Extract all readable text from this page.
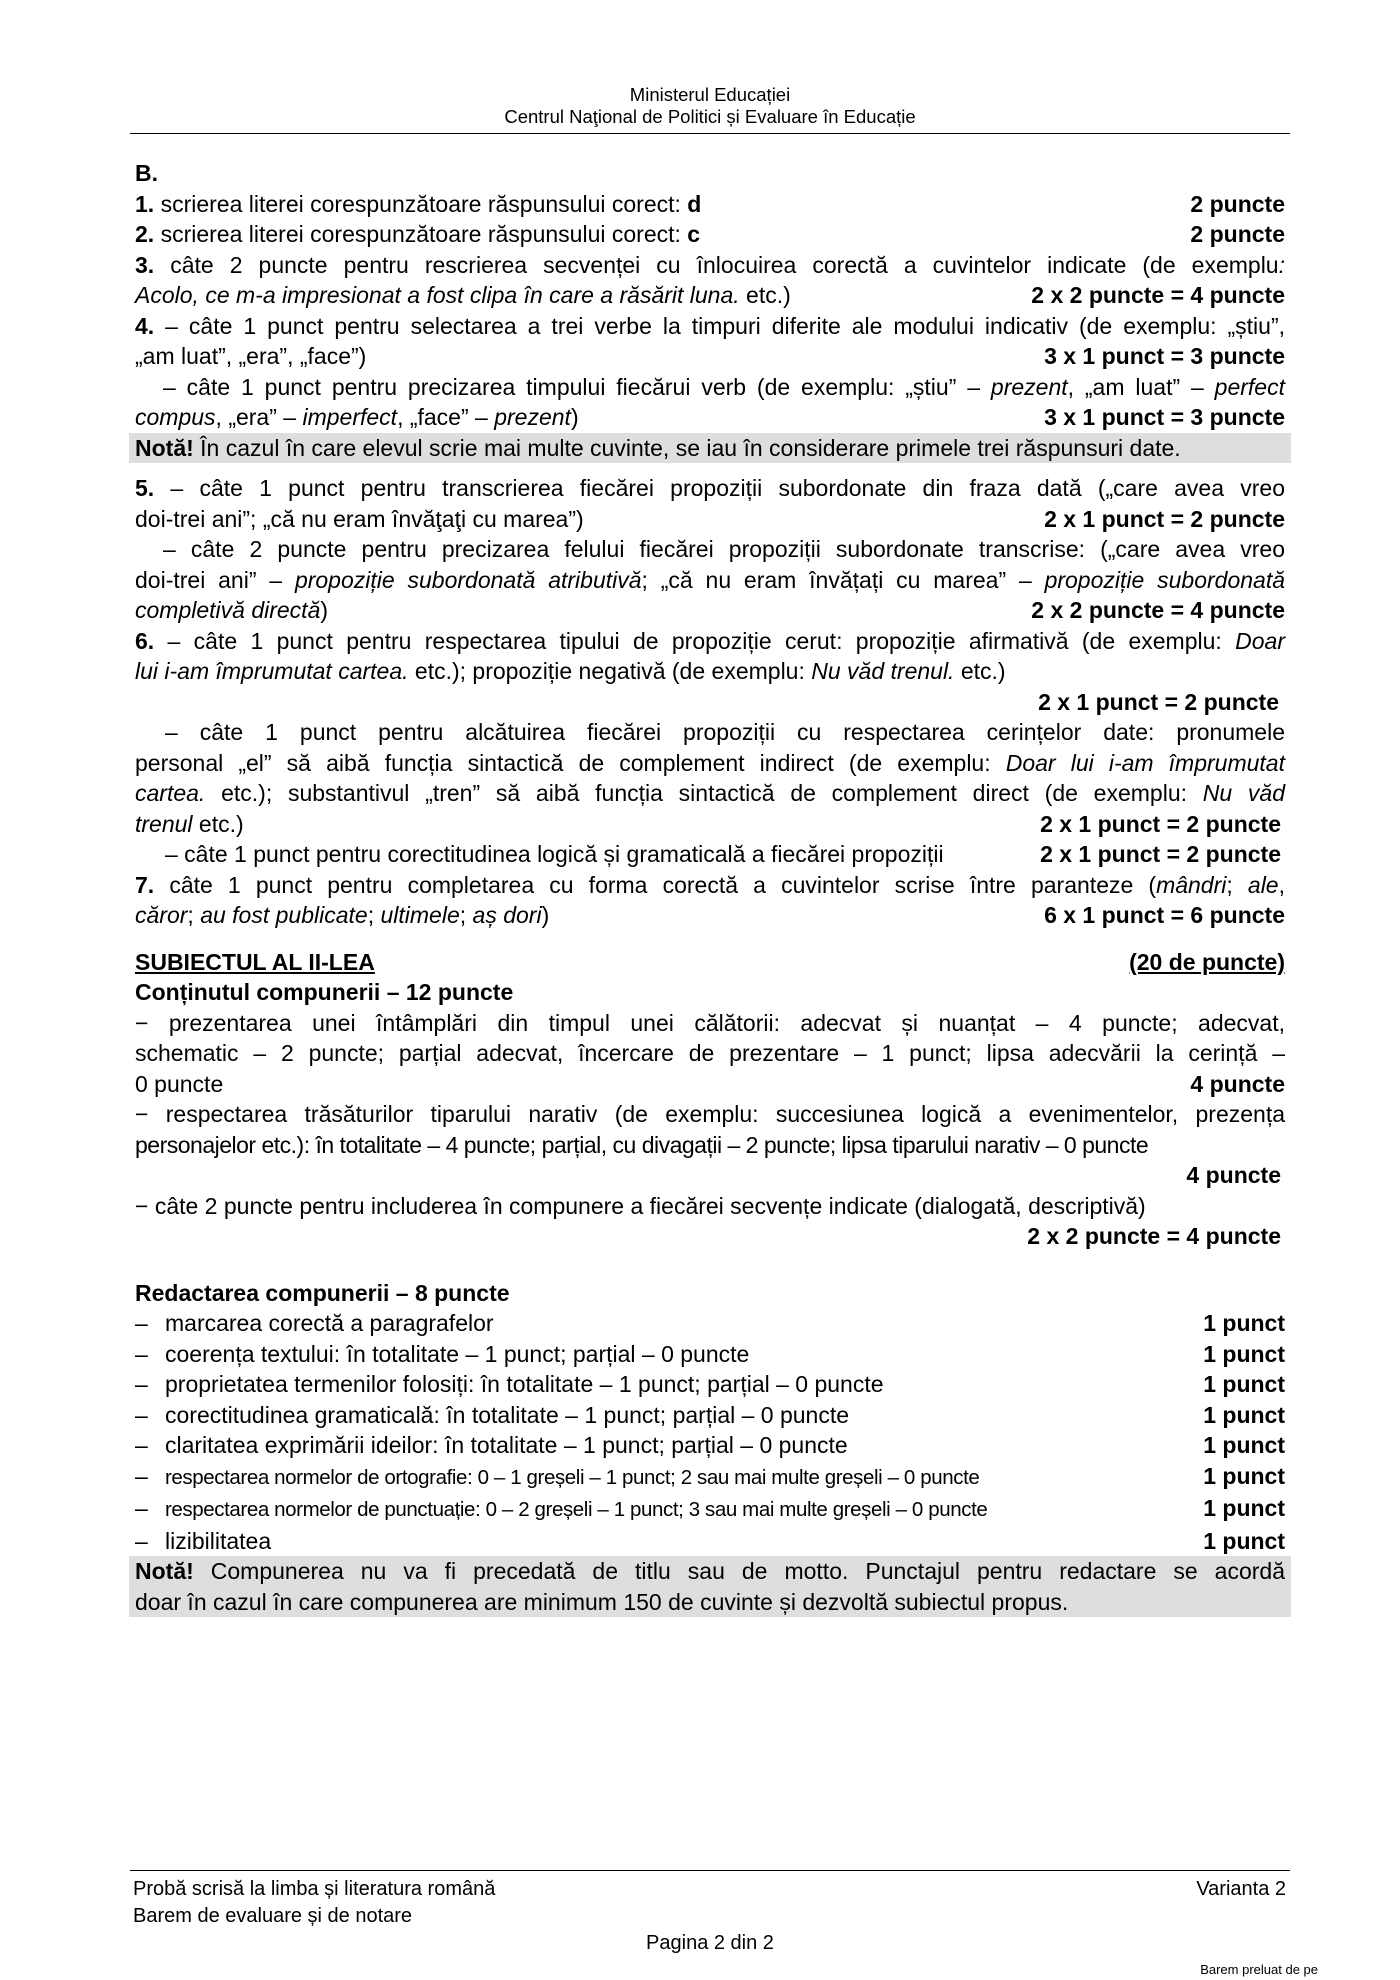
Ministerul Educației
Centrul Naţional de Politici și Evaluare în Educație
B.
1. scrierea literei corespunzătoare răspunsului corect: d	2 puncte
2. scrierea literei corespunzătoare răspunsului corect: c	2 puncte
3. câte 2 puncte pentru rescrierea secvenței cu înlocuirea corectă a cuvintelor indicate (de exemplu:
Acolo, ce m-a impresionat a fost clipa în care a răsărit luna. etc.)	2 x 2 puncte = 4 puncte
4. – câte 1 punct pentru selectarea a trei verbe la timpuri diferite ale modului indicativ (de exemplu: „știu”,
„am luat”, „era”, „face”)	3 x 1 punct = 3 puncte
– câte 1 punct pentru precizarea timpului fiecărui verb (de exemplu: „știu” – prezent, „am luat” – perfect
compus, „era” – imperfect, „face” – prezent)	3 x 1 punct = 3 puncte
Notă! În cazul în care elevul scrie mai multe cuvinte, se iau în considerare primele trei răspunsuri date.
5. – câte 1 punct pentru transcrierea fiecărei propoziții subordonate din fraza dată („care avea vreo
doi-trei ani”; „că nu eram învăţaţi cu marea”)	2 x 1 punct = 2 puncte
– câte 2 puncte pentru precizarea felului fiecărei propoziții subordonate transcrise: („care avea vreo
doi-trei ani” – propoziție subordonată atributivă; „că nu eram învățați cu marea” – propoziție subordonată
completivă directă)	2 x 2 puncte = 4 puncte
6. – câte 1 punct pentru respectarea tipului de propoziție cerut: propoziție afirmativă (de exemplu: Doar
lui i-am împrumutat cartea. etc.); propoziție negativă (de exemplu: Nu văd trenul. etc.)
2 x 1 punct = 2 puncte
– câte 1 punct pentru alcătuirea fiecărei propoziții cu respectarea cerințelor date: pronumele
personal „el” să aibă funcția sintactică de complement indirect (de exemplu: Doar lui i-am împrumutat
cartea. etc.); substantivul „tren” să aibă funcția sintactică de complement direct (de exemplu: Nu văd
trenul etc.)	2 x 1 punct = 2 puncte
– câte 1 punct pentru corectitudinea logică și gramaticală a fiecărei propoziții	2 x 1 punct = 2 puncte
7. câte 1 punct pentru completarea cu forma corectă a cuvintelor scrise între paranteze (mândri; ale,
căror; au fost publicate; ultimele; aș dori)	6 x 1 punct = 6 puncte
SUBIECTUL AL II-LEA	(20 de puncte)
Conținutul compunerii – 12 puncte
− prezentarea unei întâmplări din timpul unei călătorii: adecvat și nuanțat – 4 puncte; adecvat,
schematic – 2 puncte; parțial adecvat, încercare de prezentare – 1 punct; lipsa adecvării la cerință –
0 puncte	4 puncte
− respectarea trăsăturilor tiparului narativ (de exemplu: succesiunea logică a evenimentelor, prezența
personajelor etc.): în totalitate – 4 puncte; parțial, cu divagații – 2 puncte; lipsa tiparului narativ – 0 puncte
4 puncte
− câte 2 puncte pentru includerea în compunere a fiecărei secvențe indicate (dialogată, descriptivă)
2 x 2 puncte = 4 puncte
Redactarea compunerii – 8 puncte
– marcarea corectă a paragrafelor	1 punct
– coerența textului: în totalitate – 1 punct; parțial – 0 puncte	1 punct
– proprietatea termenilor folosiți: în totalitate – 1 punct; parțial – 0 puncte	1 punct
– corectitudinea gramaticală: în totalitate – 1 punct; parțial – 0 puncte	1 punct
– claritatea exprimării ideilor: în totalitate – 1 punct; parțial – 0 puncte	1 punct
– respectarea normelor de ortografie: 0 – 1 greșeli – 1 punct; 2 sau mai multe greșeli – 0 puncte	1 punct
– respectarea normelor de punctuație: 0 – 2 greșeli – 1 punct; 3 sau mai multe greșeli – 0 puncte	1 punct
– lizibilitatea	1 punct
Notă! Compunerea nu va fi precedată de titlu sau de motto. Punctajul pentru redactare se acordă
doar în cazul în care compunerea are minimum 150 de cuvinte și dezvoltă subiectul propus.
Probă scrisă la limba și literatura română
Barem de evaluare și de notare
Varianta 2
Pagina 2 din 2
Barem preluat de pe
